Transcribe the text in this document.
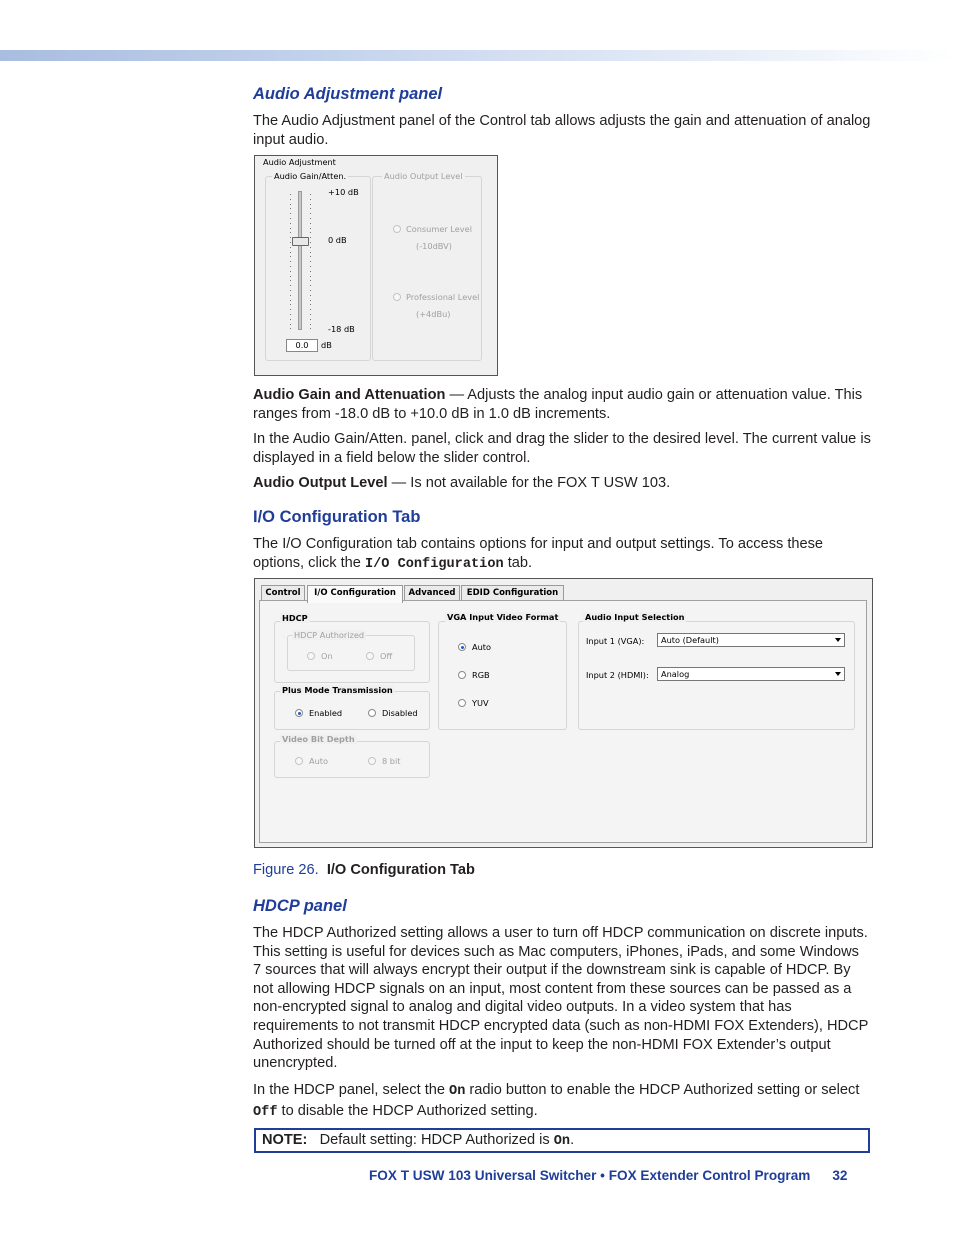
Audio Adjustment panel
The Audio Adjustment panel of the Control tab allows adjusts the gain and attenuation of analog input audio.
Audio Adjustment
Audio Gain/Atten.
+10 dB
0 dB
-18 dB
0.0	dB
Audio Output Level
Consumer Level
(-10dBV)
Professional Level
(+4dBu)
Audio Gain and Attenuation — Adjusts the analog input audio gain or attenuation value. This ranges from -18.0 dB to +10.0 dB in 1.0 dB increments.
In the Audio Gain/Atten. panel, click and drag the slider to the desired level. The current value is displayed in a field below the slider control.
Audio Output Level — Is not available for the FOX T USW 103.
I/O Configuration Tab
The I/O Configuration tab contains options for input and output settings. To access these options, click the I/O Configuration tab.
Control	I/O Configuration	Advanced	EDID Configuration
HDCP
HDCP Authorized
On	Off
Plus Mode Transmission
Enabled	Disabled
Video Bit Depth
Auto	8 bit
VGA Input Video Format
Auto
RGB
YUV
Audio Input Selection
Input 1 (VGA):	Auto (Default)
Input 2 (HDMI):	Analog
Figure 26. I/O Configuration Tab
HDCP panel
The HDCP Authorized setting allows a user to turn off HDCP communication on discrete inputs. This setting is useful for devices such as Mac computers, iPhones, iPads, and some Windows 7 sources that will always encrypt their output if the downstream sink is capable of HDCP. By not allowing HDCP signals on an input, most content from these sources can be passed as a non-encrypted signal to analog and digital video outputs. In a video system that has requirements to not transmit HDCP encrypted data (such as non-HDMI FOX Extenders), HDCP Authorized should be turned off at the input to keep the non-HDMI FOX Extender’s output unencrypted.
In the HDCP panel, select the On radio button to enable the HDCP Authorized setting or select Off to disable the HDCP Authorized setting.
NOTE: Default setting: HDCP Authorized is On.
FOX T USW 103 Universal Switcher • FOX Extender Control Program 32
